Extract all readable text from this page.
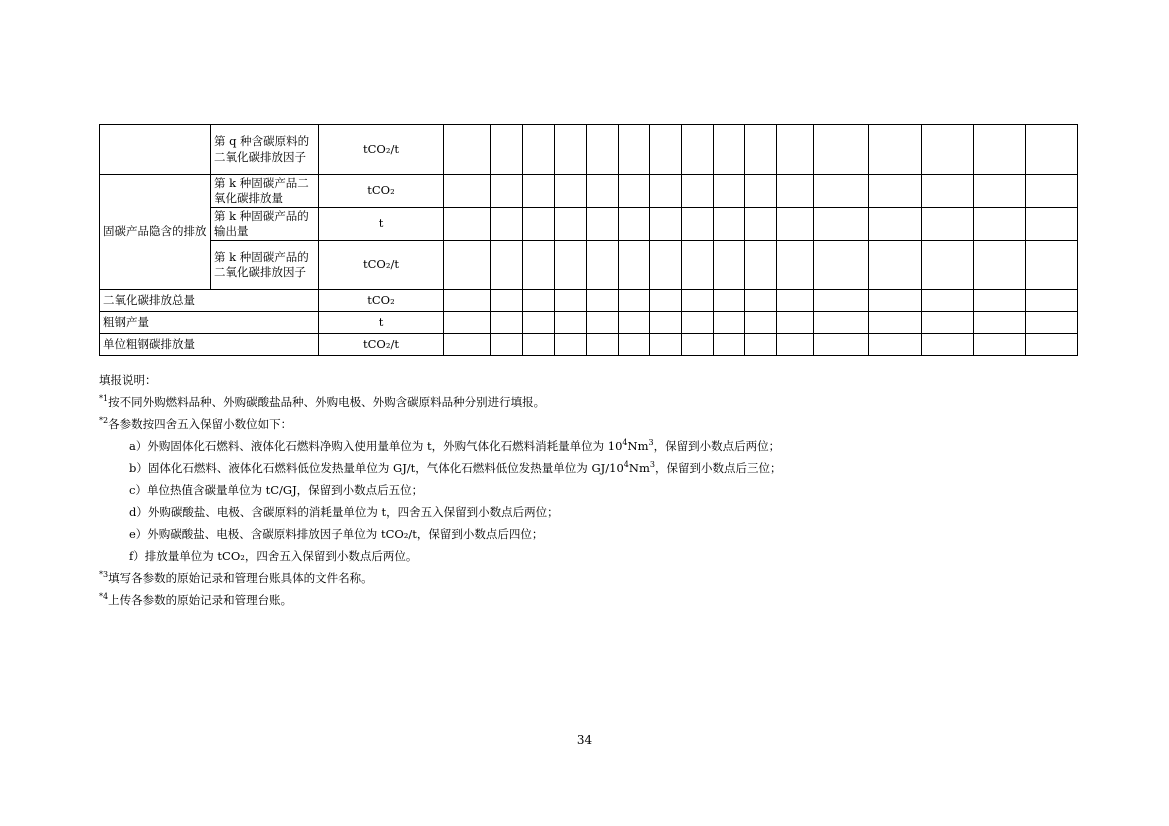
	第 q 种含碳原料的二氧化碳排放因子	tCO₂/t																
固碳产品隐含的排放	第 k 种固碳产品二氧化碳排放量	tCO₂																
	第 k 种固碳产品的输出量	t																
	第 k 种固碳产品的二氧化碳排放因子	tCO₂/t																
二氧化碳排放总量		tCO₂																
粗钢产量		t																
单位粗钢碳排放量		tCO₂/t																
填报说明：
$^{*1}$按不同外购燃料品种、外购碳酸盐品种、外购电极、外购含碳原料品种分别进行填报。
$^{*2}$各参数按四舍五入保留小数位如下：
a）外购固体化石燃料、液体化石燃料净购入使用量单位为 t，外购气体化石燃料消耗量单位为 $10^4Nm^3$，保留到小数点后两位；
b）固体化石燃料、液体化石燃料低位发热量单位为 GJ/t，气体化石燃料低位发热量单位为 $GJ/10^4Nm^3$，保留到小数点后三位；
c）单位热值含碳量单位为 tC/GJ，保留到小数点后五位；
d）外购碳酸盐、电极、含碳原料的消耗量单位为 t，四舍五入保留到小数点后两位；
e）外购碳酸盐、电极、含碳原料排放因子单位为 tCO₂/t，保留到小数点后四位；
f）排放量单位为 tCO₂，四舍五入保留到小数点后两位。
$^{*3}$填写各参数的原始记录和管理台账具体的文件名称。
$^{*4}$上传各参数的原始记录和管理台账。
34
